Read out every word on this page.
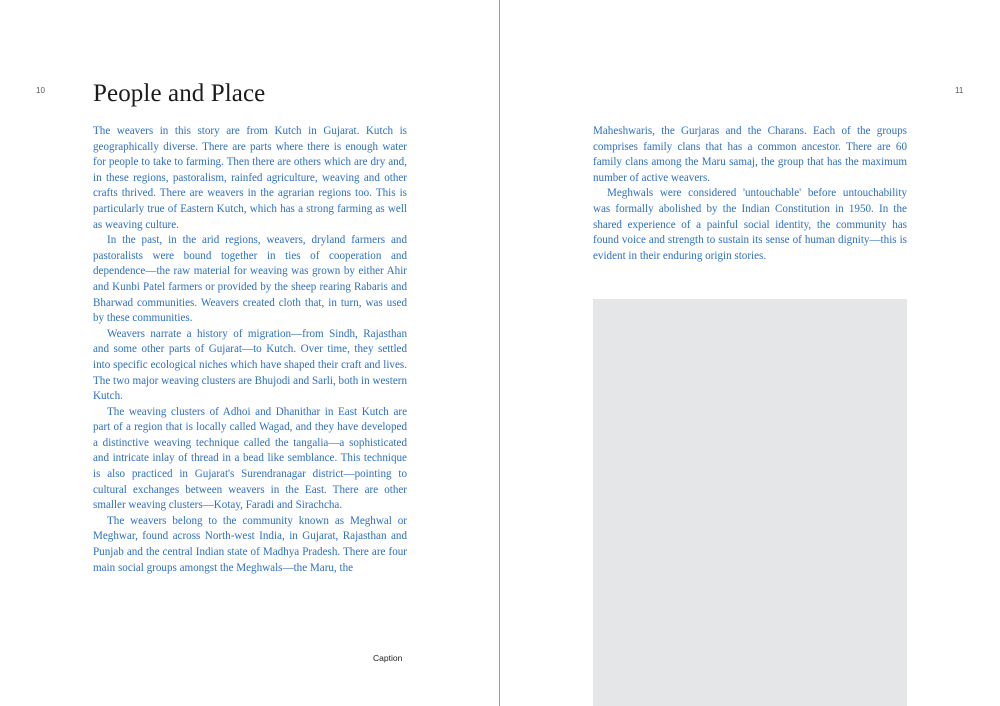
10	11
People and Place

The weavers in this story are from Kutch in Gujarat. Kutch is geographically diverse. There are parts where there is enough water for people to take to farming. Then there are others which are dry and, in these regions, pastoralism, rainfed agriculture, weaving and other crafts thrived. There are weavers in the agrarian regions too. This is particularly true of Eastern Kutch, which has a strong farming as well as weaving culture.

In the past, in the arid regions, weavers, dryland farmers and pastoralists were bound together in ties of cooperation and dependence—the raw material for weaving was grown by either Ahir and Kunbi Patel farmers or provided by the sheep rearing Rabaris and Bharwad communities. Weavers created cloth that, in turn, was used by these communities.

Weavers narrate a history of migration—from Sindh, Rajasthan and some other parts of Gujarat—to Kutch. Over time, they settled into specific ecological niches which have shaped their craft and lives. The two major weaving clusters are Bhujodi and Sarli, both in western Kutch.

The weaving clusters of Adhoi and Dhanithar in East Kutch are part of a region that is locally called Wagad, and they have developed a distinctive weaving technique called the tangalia—a sophisticated and intricate inlay of thread in a bead like semblance. This technique is also practiced in Gujarat's Surendranagar district—pointing to cultural exchanges between weavers in the East. There are other smaller weaving clusters—Kotay, Faradi and Sirachcha.

The weavers belong to the community known as Meghwal or Meghwar, found across North-west India, in Gujarat, Rajasthan and Punjab and the central Indian state of Madhya Pradesh. There are four main social groups amongst the Meghwals—the Maru, the

Caption

Maheshwaris, the Gurjaras and the Charans. Each of the groups comprises family clans that has a common ancestor. There are 60 family clans among the Maru samaj, the group that has the maximum number of active weavers.

Meghwals were considered 'untouchable' before untouchability was formally abolished by the Indian Constitution in 1950. In the shared experience of a painful social identity, the community has found voice and strength to sustain its sense of human dignity—this is evident in their enduring origin stories.
